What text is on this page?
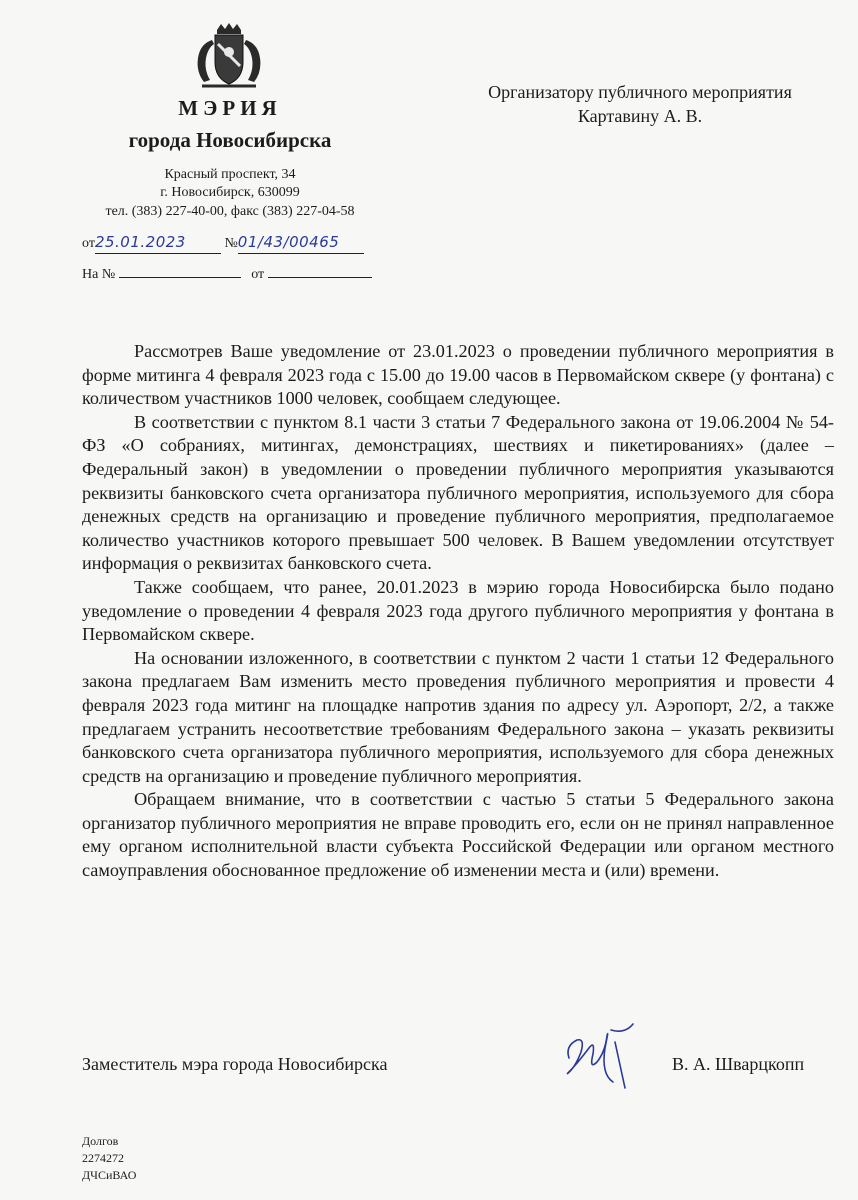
МЭРИЯ
города Новосибирска
Красный проспект, 34
г. Новосибирск, 630099
тел. (383) 227-40-00, факс (383) 227-04-58
от25.01.2023	№01/43/00465
На №	от
Организатору публичного мероприятия
Картавину А. В.

Рассмотрев Ваше уведомление от 23.01.2023 о проведении публичного мероприятия в форме митинга 4 февраля 2023 года с 15.00 до 19.00 часов в Первомайском сквере (у фонтана) с количеством участников 1000 человек, сообщаем следующее.

В соответствии с пунктом 8.1 части 3 статьи 7 Федерального закона от 19.06.2004 № 54-ФЗ «О собраниях, митингах, демонстрациях, шествиях и пикетированиях» (далее – Федеральный закон) в уведомлении о проведении публичного мероприятия указываются реквизиты банковского счета организатора публичного мероприятия, используемого для сбора денежных средств на организацию и проведение публичного мероприятия, предполагаемое количество участников которого превышает 500 человек. В Вашем уведомлении отсутствует информация о реквизитах банковского счета.

Также сообщаем, что ранее, 20.01.2023 в мэрию города Новосибирска было подано уведомление о проведении 4 февраля 2023 года другого публичного мероприятия у фонтана в Первомайском сквере.

На основании изложенного, в соответствии с пунктом 2 части 1 статьи 12 Федерального закона предлагаем Вам изменить место проведения публичного мероприятия и провести 4 февраля 2023 года митинг на площадке напротив здания по адресу ул. Аэропорт, 2/2, а также предлагаем устранить несоответствие требованиям Федерального закона – указать реквизиты банковского счета организатора публичного мероприятия, используемого для сбора денежных средств на организацию и проведение публичного мероприятия.

Обращаем внимание, что в соответствии с частью 5 статьи 5 Федерального закона организатор публичного мероприятия не вправе проводить его, если он не принял направленное ему органом исполнительной власти субъекта Российской Федерации или органом местного самоуправления обоснованное предложение об изменении места и (или) времени.

Заместитель мэра города Новосибирска	В. А. Шварцкопп
Долгов
2274272
ДЧСиВАО
